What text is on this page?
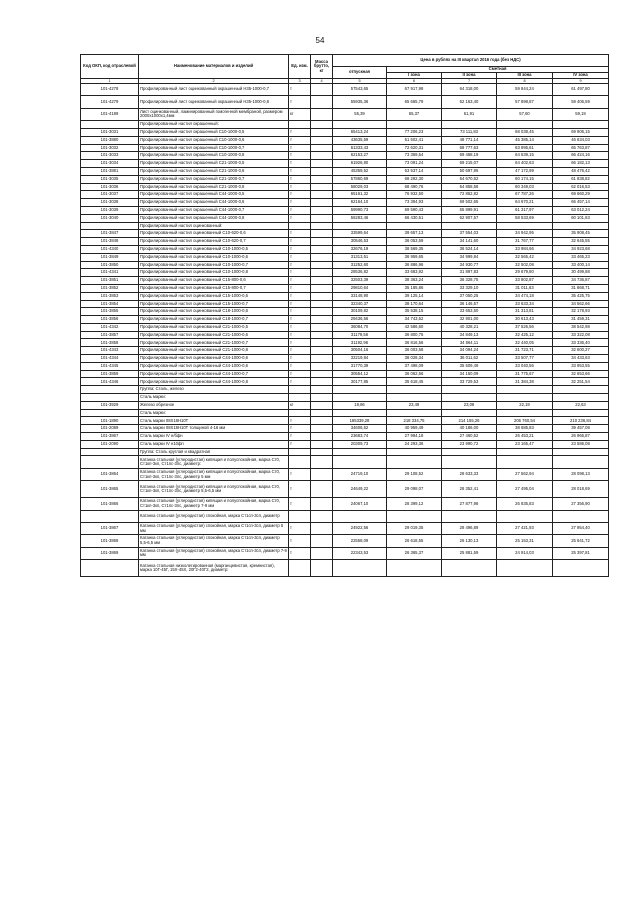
54
Код ОКП, код отраслевой	Наименование материалов и изделий	Ед. изм.	Масса брутто, кг	Цена в рублях на III квартал 2016 года (без НДС)				
				отпускная	Сметная			
					I зона	II зона	III зона	IV зона
1	2	3	4	5	6	7	8	9
101-4278	Профилированный лист оцинкованный окрашенный Н35-1000-0,7	т		57543,65	67 917,98	64 318,00	59 844,24	61 497,80
101-4279	Профилированный лист оцинкованный окрашенный Н35-1000-0,8	т		55935,36	65 665,79	62 163,40	57 898,87	59 406,59
101-4189	Лист оцинкованный, ламинированный гомогенной мембраной, размером 2000х1000х1,4мм	кг		55,39	65,37	61,91	57,60	59,19
	Профилированный настил окрашенный:							
101-3031	Профилированный настил окрашенный С10-1000-0,5	т		65413,24	77 206,23	73 111,83	68 038,45	69 906,15
101-3880	Профилированный настил окрашенный С10-1000-0,6	т		43635,59	51 502,41	48 771,14	45 385,14	46 634,03
101-3032	Профилированный настил окрашенный С10-1000-0,7	т		61333,43	72 620,31	68 777,63	63 995,61	65 763,87
101-3033	Профилированный настил окрашенный С10-1000-0,8	т		62153,27	73 359,54	69 468,19	64 639,15	66 424,16
101-3034	Профилированный настил окрашенный С21-1000-0,5	т		61926,80	73 091,24	69 215,07	64 402,63	66 182,13
101-3881	Профилированный настил окрашенный С21-1000-0,6	т		45359,52	53 537,14	50 697,95	47 172,99	48 476,42
101-3035	Профилированный настил окрашенный С21-1000-0,7	т		57860,69	68 292,30	64 670,62	60 174,15	61 838,82
101-3036	Профилированный настил окрашенный С21-1000-0,8	т		58029,03	68 490,76	64 858,58	60 349,03	62 016,53
101-3037	Профилированный настил окрашенный С44-1000-0,5	т		65161,32	76 932,50	72 852,82	67 787,26	69 660,29
101-3038	Профилированный настил окрашенный С44-1000-0,6	т		62164,10	73 394,93	69 502,65	64 670,21	66 457,14
101-3039	Профилированный настил окрашенный С44-1000-0,7	т		59990,73	69 590,43	65 899,91	61 317,97	63 012,24
101-3040	Профилированный настил окрашенный С44-1000-0,8	т		56283,46	66 430,51	62 907,57	58 533,69	60 101,63
	Профилированный настил оцинкованный:							
101-3847	Профилированный настил оцинкованный С10-620-0,6	т		33599,64	39 657,13	37 554,03	34 942,95	35 908,45
101-3848	Профилированный настил оцинкованный С10-620-0,7	т		30546,53	36 053,59	34 141,60	31 767,77	32 645,55
101-4340	Профилированный настил оцинкованный С10-1000-0,5	т		32676,19	38 569,35	36 524,14	33 984,66	34 923,68
101-3849	Профилированный настил оцинкованный С10-1000-0,6	т		31313,51	36 959,65	34 999,84	32 565,42	33 465,23
101-3850	Профилированный настил оцинкованный С10-1000-0,7	т		31252,60	36 886,96	34 930,77	32 502,08	33 400,14
101-4341	Профилированный настил оцинкованный С10-1000-0,8	т		28536,82	33 683,92	31 897,83	29 679,80	30 499,88
101-3851	Профилированный настил оцинкованный С15-800-0,6	т		32503,39	38 363,24	36 328,75	33 802,87	34 736,87
101-3852	Профилированный настил оцинкованный С15-800-0,7	т		29810,64	35 185,86	33 329,10	31 011,63	31 868,71
101-3853	Профилированный настил оцинкованный С15-1000-0,6	т		33148,90	39 125,14	37 050,25	34 474,18	35 425,75
101-3854	Профилированный настил оцинкованный С15-1000-0,7	т		32340,37	38 170,64	36 146,57	33 633,34	34 562,66
101-3855	Профилированный настил оцинкованный С18-1000-0,6	т		30109,82	35 538,15	33 653,50	31 313,81	32 178,93
101-3856	Профилированный настил оцинкованный С18-1000-0,7	т		29436,56	34 743,52	32 901,00	30 613,43	31 459,31
101-4342	Профилированный настил оцинкованный С21-1000-0,5	т		36084,70	42 586,60	40 328,21	37 526,56	38 542,98
101-3857	Профилированный настил оцинкованный С21-1000-0,6	т		31179,56	36 800,75	34 849,13	32 425,12	33 322,08
101-3858	Профилированный настил оцинкованный С21-1000-0,7	т		31192,96	36 816,56	34 864,11	32 440,05	33 336,40
101-4343	Профилированный настил оцинкованный С21-1000-0,8	т		30504,16	36 003,58	34 094,24	31 723,71	32 600,27
101-4344	Профилированный настил оцинкованный С44-1000-0,6	т		32219,84	38 028,34	36 011,62	33 507,77	34 433,63
101-4345	Профилированный настил оцинкованный С44-1000-0,6	т		31770,39	37 498,09	35 509,49	33 040,56	33 953,55
101-3859	Профилированный настил оцинкованный С44-1000-0,7	т		30554,12	36 062,56	34 150,09	31 775,67	32 653,66
101-4346	Профилированный настил оцинкованный С44-1000-0,8	т		30177,85	35 618,45	33 729,53	31 384,38	32 251,54
	Группа: Сталь, железо							
	Сталь марки:							
101-3929	Железо обрезное	кг		19,86	23,49	23,08	22,19	22,63
	Сталь марки:							
101-1890	Сталь марки 08Х18Н10Т	т		185339,28	218 334,75	214 155,26	206 760,54	210 236,84
101-2089	Сталь марки 08Х18Н10Т толщиной 4-16 мм	т		34606,52	40 959,49	40 186,00	38 685,83	39 457,08
101-3867	Сталь марки IV н/бфн	т		23683,74	27 994,18	27 460,52	26 453,21	26 966,87
101-2090	Сталь марки IV н10фп	т		20309,73	24 293,36	23 990,72	23 165,47	23 586,08
	Группа: Сталь круглая и квадратная							
	Катанка стальная (углеродистая) кипящая и полуспокойная, марка Ст0, Ст1кп-3кп, Ст1пс-3пс, диаметр:							
101-3864	Катанка стальная (углеродистая) кипящая и полуспокойная, марка Ст0, Ст1кп-3кп, Ст1пс-3пс, диаметр 5 мм	т		24719,10	29 108,52	28 633,33	27 562,94	28 098,13
101-3865	Катанка стальная (углеродистая) кипящая и полуспокойная, марка Ст0, Ст1кп-3кп, Ст1пс-3пс, диаметр 5,5-6,5 мм	т		24649,22	29 098,07	28 352,41	27 495,04	28 018,69
101-3866	Катанка стальная (углеродистая) кипящая и полуспокойная, марка Ст0, Ст1кп-3кп, Ст1пс-3пс, диаметр 7-9 мм	т		24067,10	28 399,12	27 877,98	26 835,83	27 356,90
	Катанка стальная (углеродистая) спокойная, марка Ст1сп-3сп, диаметр							
101-3867	Катанка стальная (углеродистая) спокойная, марка Ст1сп-3сп, диаметр 5 мм	т		24922,56	29 019,35	28 496,89	27 421,93	27 954,40
101-3868	Катанка стальная (углеродистая) спокойная, марка Ст1сп-3сп, диаметр 5,5-6,5 мм	т		22558,09	26 618,55	26 130,13	25 153,31	25 641,72
101-3869	Катанка стальная (углеродистая) спокойная, марка Ст1сп-3сп, диаметр 7-9 мм	т		22343,53	26 365,37	25 881,59	24 914,03	25 397,81
	Катанка стальная низколегированная (марганцевистая, кремнистая), марка 10Г-45Г, 15Х-45Х, 20Г2-40Г2, диаметр:							
